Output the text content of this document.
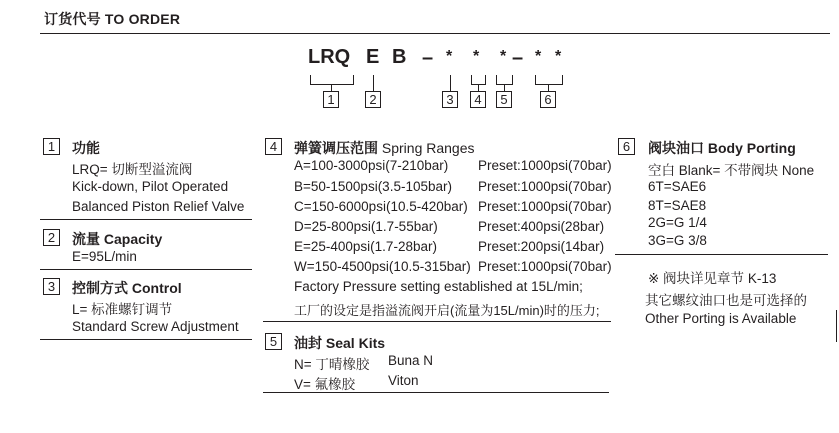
订货代号 TO ORDER
LRQ E B – * * * – * *
1	2	3	4	5	6
1	功能
LRQ= 切断型溢流阀
Kick-down, Pilot Operated
Balanced Piston Relief Valve
2	流量 Capacity
E=95L/min
3	控制方式 Control
L= 标准螺钉调节
Standard Screw Adjustment
4	弹簧调压范围 Spring Ranges
A=100-3000psi(7-210bar) Preset:1000psi(70bar)
B=50-1500psi(3.5-105bar) Preset:1000psi(70bar)
C=150-6000psi(10.5-420bar) Preset:1000psi(70bar)
D=25-800psi(1.7-55bar)	Preset:400psi(28bar)
E=25-400psi(1.7-28bar)	Preset:200psi(14bar)
W=150-4500psi(10.5-315bar) Preset:1000psi(70bar)
Factory Pressure setting established at 15L/min;
工厂的设定是指溢流阀开启(流量为15L/min)时的压力;
5	油封 Seal Kits
N= 丁晴橡胶 Buna N
V= 氟橡胶 Viton
6	阀块油口 Body Porting
空白 Blank= 不带阀块 None
6T=SAE6
8T=SAE8
2G=G 1/4
3G=G 3/8
※ 阀块详见章节 K-13
其它螺纹油口也是可选择的
Other Porting is Available
